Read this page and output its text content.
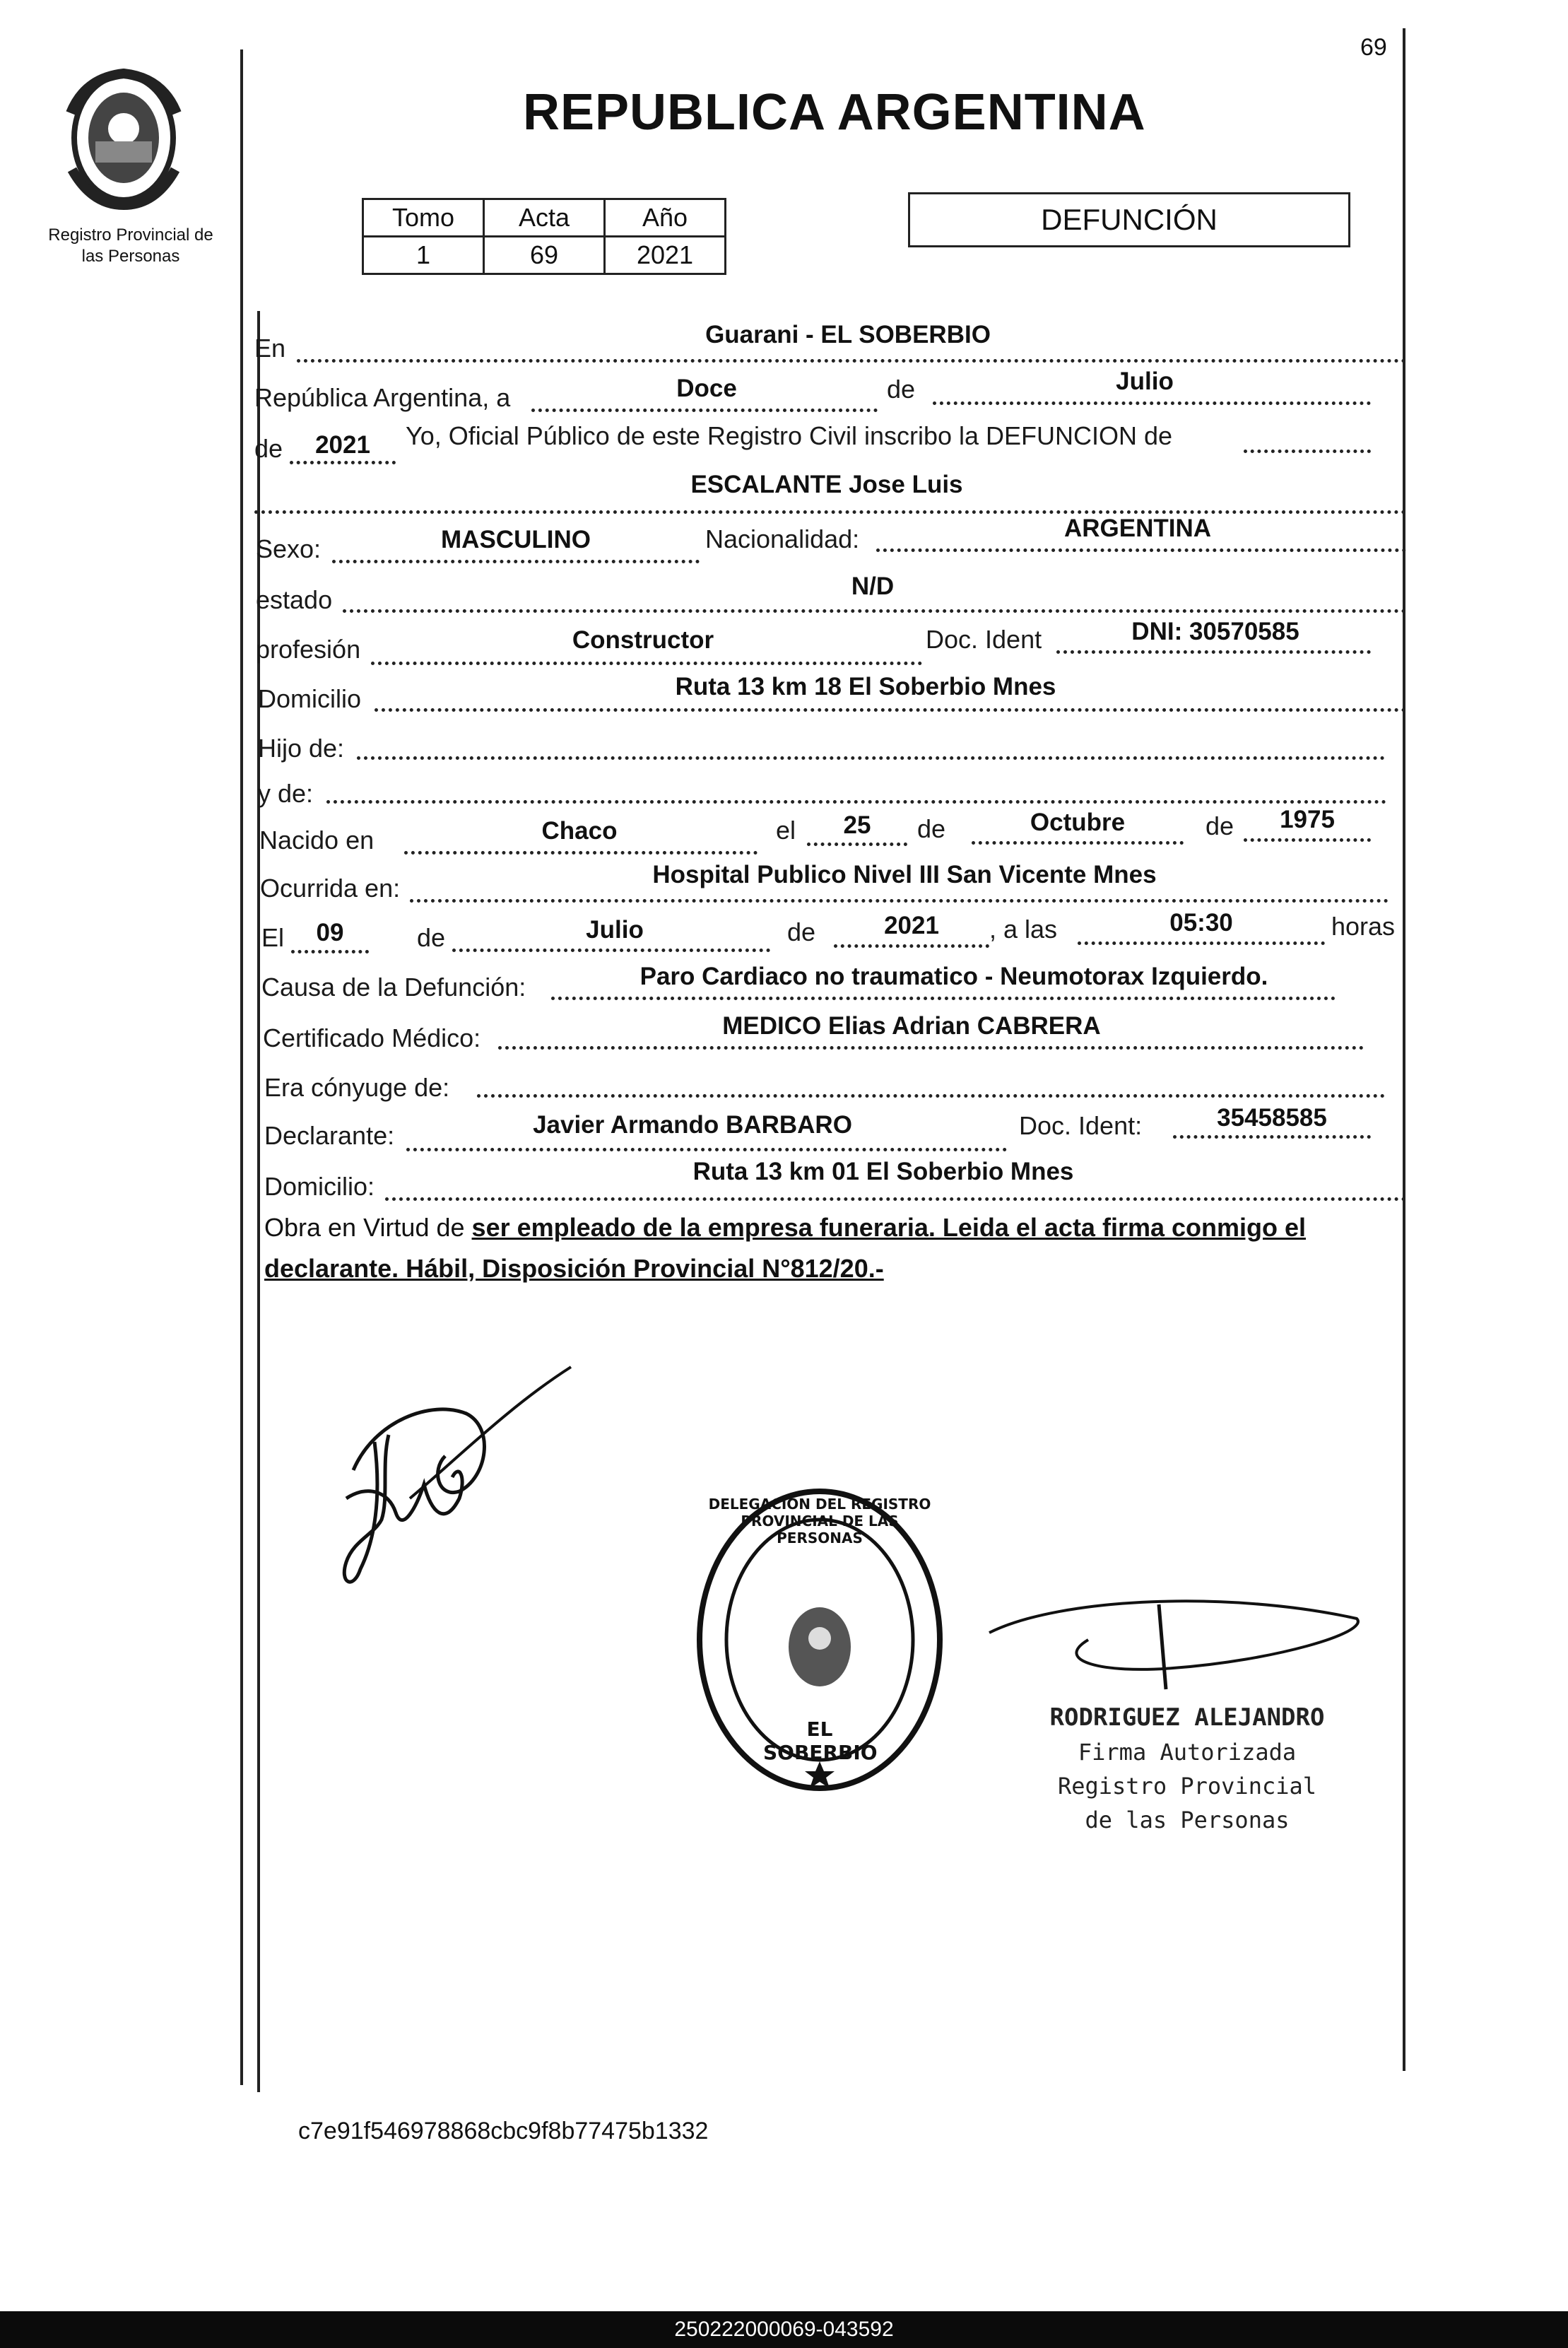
69
Registro Provincial de
las Personas
REPUBLICA ARGENTINA
Tomo	Acta	Año
1	69	2021
DEFUNCIÓN
En	Guarani - EL SOBERBIO
República Argentina, a	Doce	de	Julio
de	2021	Yo, Oficial Público de este Registro Civil inscribo la DEFUNCION de
ESCALANTE Jose Luis
Sexo:	MASCULINO	Nacionalidad:	ARGENTINA
estado	N/D
profesión	Constructor	Doc. Ident	DNI: 30570585
Domicilio	Ruta 13 km 18 El Soberbio Mnes
Hijo de:
y de:
Nacido en	Chaco	el	25	de	Octubre	de	1975
Ocurrida en:	Hospital Publico Nivel III San Vicente Mnes
El	09	de	Julio	de	2021	, a las	05:30	horas
Causa de la Defunción:	Paro Cardiaco no traumatico - Neumotorax Izquierdo.
Certificado Médico:	MEDICO Elias Adrian CABRERA
Era cónyuge de:
Declarante:	Javier Armando BARBARO	Doc. Ident:	35458585
Domicilio:
Ruta 13 km 01 El Soberbio Mnes
Obra en Virtud de ser empleado de la empresa funeraria. Leida el acta firma conmigo el
declarante. Hábil, Disposición Provincial N°812/20.-
DELEGACION DEL REGISTRO PROVINCIAL DE LAS PERSONAS
EL SOBERBIO
RODRIGUEZ ALEJANDRO
Firma Autorizada
Registro Provincial
de las Personas
c7e91f546978868cbc9f8b77475b1332
250222000069-043592
